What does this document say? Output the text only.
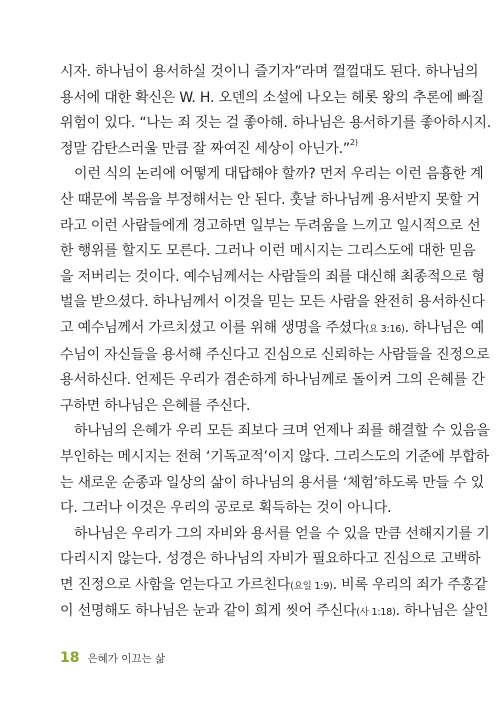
시자. 하나님이 용서하실 것이니 즐기자”라며 껄껄대도 된다. 하나님의
용서에 대한 확신은 W. H. 오덴의 소설에 나오는 헤롯 왕의 추론에 빠질
위험이 있다. “나는 죄 짓는 걸 좋아해. 하나님은 용서하기를 좋아하시지.
정말 감탄스러울 만큼 잘 짜여진 세상이 아닌가.”$^{2)}$
이런 식의 논리에 어떻게 대답해야 할까? 먼저 우리는 이런 음흉한 계
산 때문에 복음을 부정해서는 안 된다. 훗날 하나님께 용서받지 못할 거
라고 이런 사람들에게 경고하면 일부는 두려움을 느끼고 일시적으로 선
한 행위를 할지도 모른다. 그러나 이런 메시지는 그리스도에 대한 믿음
을 저버리는 것이다. 예수님께서는 사람들의 죄를 대신해 최종적으로 형
벌을 받으셨다. 하나님께서 이것을 믿는 모든 사람을 완전히 용서하신다
고 예수님께서 가르치셨고 이를 위해 생명을 주셨다(요 3:16). 하나님은 예
수님이 자신들을 용서해 주신다고 진심으로 신뢰하는 사람들을 진정으로
용서하신다. 언제든 우리가 겸손하게 하나님께로 돌이켜 그의 은혜를 간
구하면 하나님은 은혜를 주신다.
하나님의 은혜가 우리 모든 죄보다 크며 언제나 죄를 해결할 수 있음을
부인하는 메시지는 전혀 ‘기독교적’이지 않다. 그리스도의 기준에 부합하
는 새로운 순종과 일상의 삶이 하나님의 용서를 ‘체험’하도록 만들 수 있
다. 그러나 이것은 우리의 공로로 획득하는 것이 아니다.
하나님은 우리가 그의 자비와 용서를 얻을 수 있을 만큼 선해지기를 기
다리시지 않는다. 성경은 하나님의 자비가 필요하다고 진심으로 고백하
면 진정으로 사함을 얻는다고 가르친다(요일 1:9). 비록 우리의 죄가 주홍같
이 선명해도 하나님은 눈과 같이 희게 씻어 주신다(사 1:18). 하나님은 살인
18 은혜가 이끄는 삶
